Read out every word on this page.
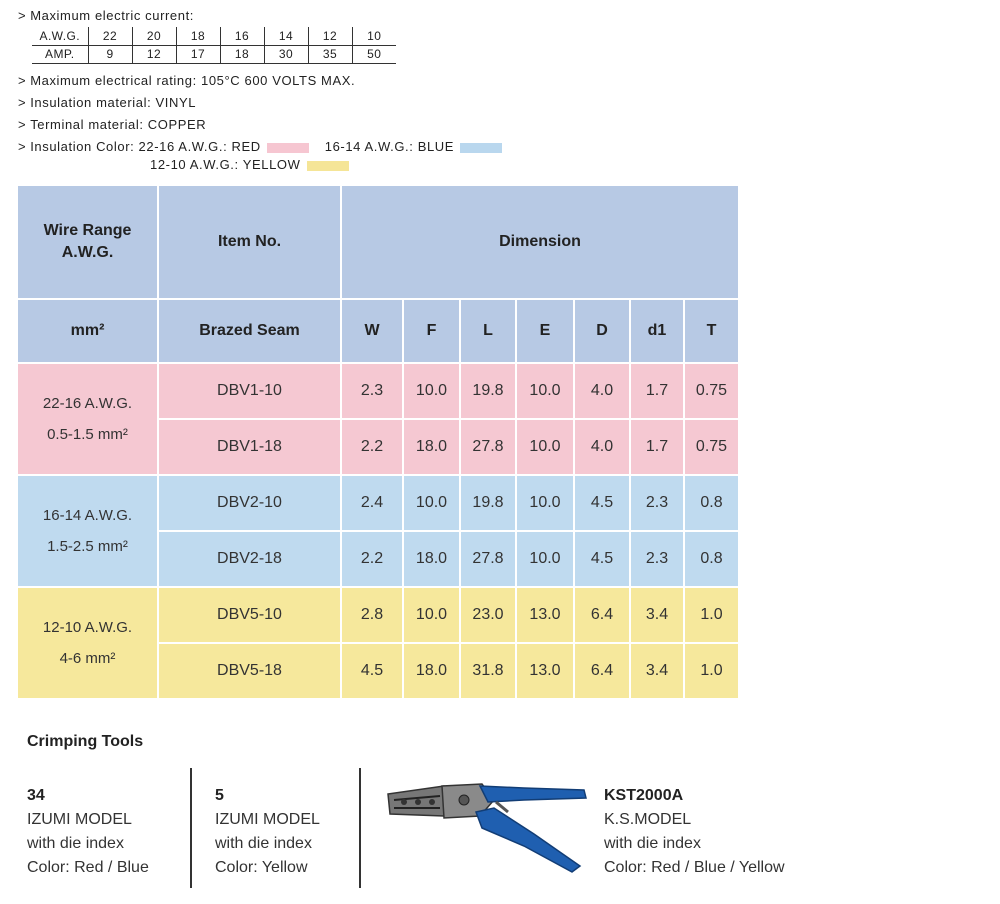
> Maximum electric current:
A.W.G.	22	20	18	16	14	12	10
AMP.	9	12	17	18	30	35	50
> Maximum electrical rating: 105°C 600 VOLTS MAX.
> Insulation material: VINYL
> Terminal material: COPPER
> Insulation Color: 22-16 A.W.G.: RED	16-14 A.W.G.: BLUE
12-10 A.W.G.: YELLOW
Wire Range
A.W.G.	Item No.	Dimension						
mm²	Brazed Seam	W	F	L	E	D	d1	T

22-16 A.W.G.
0.5-1.5 mm²	DBV1-10	2.3	10.0	19.8	10.0	4.0	1.7	0.75
	DBV1-18	2.2	18.0	27.8	10.0	4.0	1.7	0.75

16-14 A.W.G.
1.5-2.5 mm²	DBV2-10	2.4	10.0	19.8	10.0	4.5	2.3	0.8
	DBV2-18	2.2	18.0	27.8	10.0	4.5	2.3	0.8

12-10 A.W.G.
4-6 mm²	DBV5-10	2.8	10.0	23.0	13.0	6.4	3.4	1.0
	DBV5-18	4.5	18.0	31.8	13.0	6.4	3.4	1.0
Crimping Tools
34
IZUMI MODEL
with die index
Color: Red / Blue
5
IZUMI MODEL
with die index
Color: Yellow
KST2000A
K.S.MODEL
with die index
Color: Red / Blue / Yellow
